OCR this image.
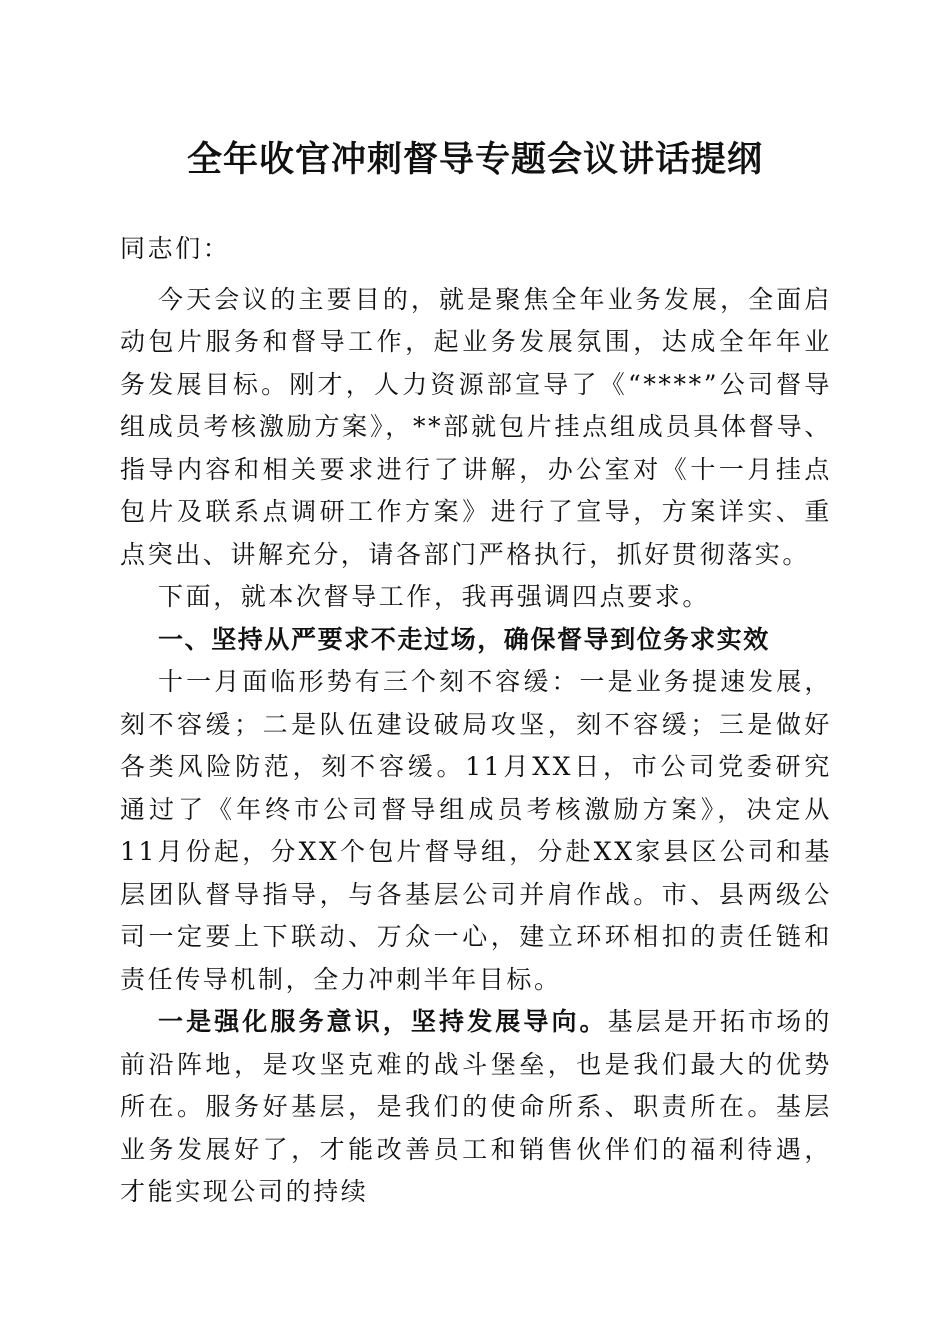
全年收官冲刺督导专题会议讲话提纲

同志们：

今天会议的主要目的，就是聚焦全年业务发展，全面启动包片服务和督导工作，起业务发展氛围，达成全年年业务发展目标。刚才，人力资源部宣导了《“****”公司督导组成员考核激励方案》，**部就包片挂点组成员具体督导、指导内容和相关要求进行了讲解，办公室对《十一月挂点包片及联系点调研工作方案》进行了宣导，方案详实、重点突出、讲解充分，请各部门严格执行，抓好贯彻落实。

下面，就本次督导工作，我再强调四点要求。

一、坚持从严要求不走过场，确保督导到位务求实效

十一月面临形势有三个刻不容缓：一是业务提速发展，刻不容缓；二是队伍建设破局攻坚，刻不容缓；三是做好各类风险防范，刻不容缓。11月XX日，市公司党委研究通过了《年终市公司督导组成员考核激励方案》，决定从11月份起，分XX个包片督导组，分赴XX家县区公司和基层团队督导指导，与各基层公司并肩作战。市、县两级公司一定要上下联动、万众一心，建立环环相扣的责任链和责任传导机制，全力冲刺半年目标。

一是强化服务意识，坚持发展导向。基层是开拓市场的前沿阵地，是攻坚克难的战斗堡垒，也是我们最大的优势所在。服务好基层，是我们的使命所系、职责所在。基层业务发展好了，才能改善员工和销售伙伴们的福利待遇，才能实现公司的持续
